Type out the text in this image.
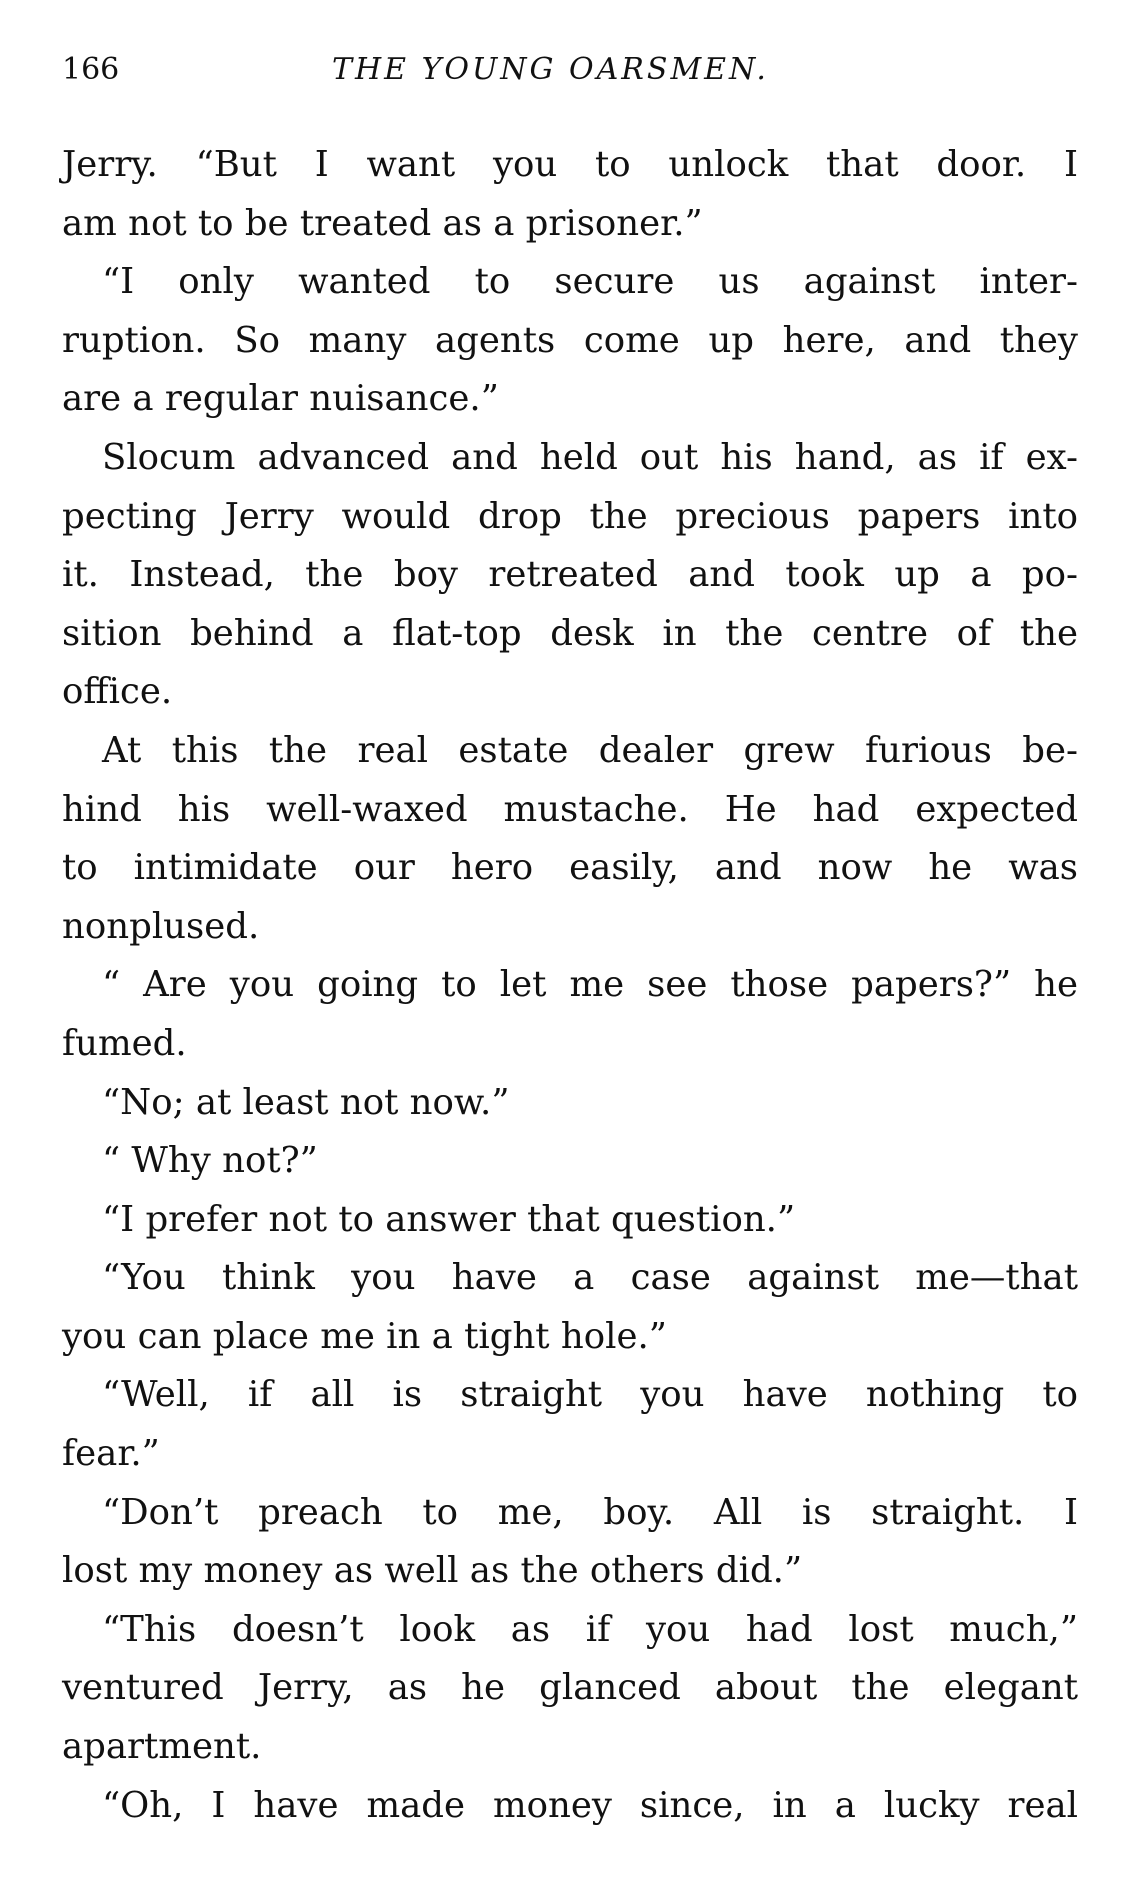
166	THE YOUNG OARSMEN.

Jerry. “But I want you to unlock that door. I

am not to be treated as a prisoner.”

“I only wanted to secure us against inter-

ruption. So many agents come up here, and they

are a regular nuisance.”

Slocum advanced and held out his hand, as if ex-

pecting Jerry would drop the precious papers into

it. Instead, the boy retreated and took up a po-

sition behind a flat-top desk in the centre of the

office.

At this the real estate dealer grew furious be-

hind his well-waxed mustache. He had expected

to intimidate our hero easily, and now he was

nonplused.

“ Are you going to let me see those papers?” he

fumed.

“No; at least not now.”

“ Why not?”

“I prefer not to answer that question.”

“You think you have a case against me—that

you can place me in a tight hole.”

“Well, if all is straight you have nothing to

fear.”

“Don’t preach to me, boy. All is straight. I

lost my money as well as the others did.”

“This doesn’t look as if you had lost much,”

ventured Jerry, as he glanced about the elegant

apartment.

“Oh, I have made money since, in a lucky real
